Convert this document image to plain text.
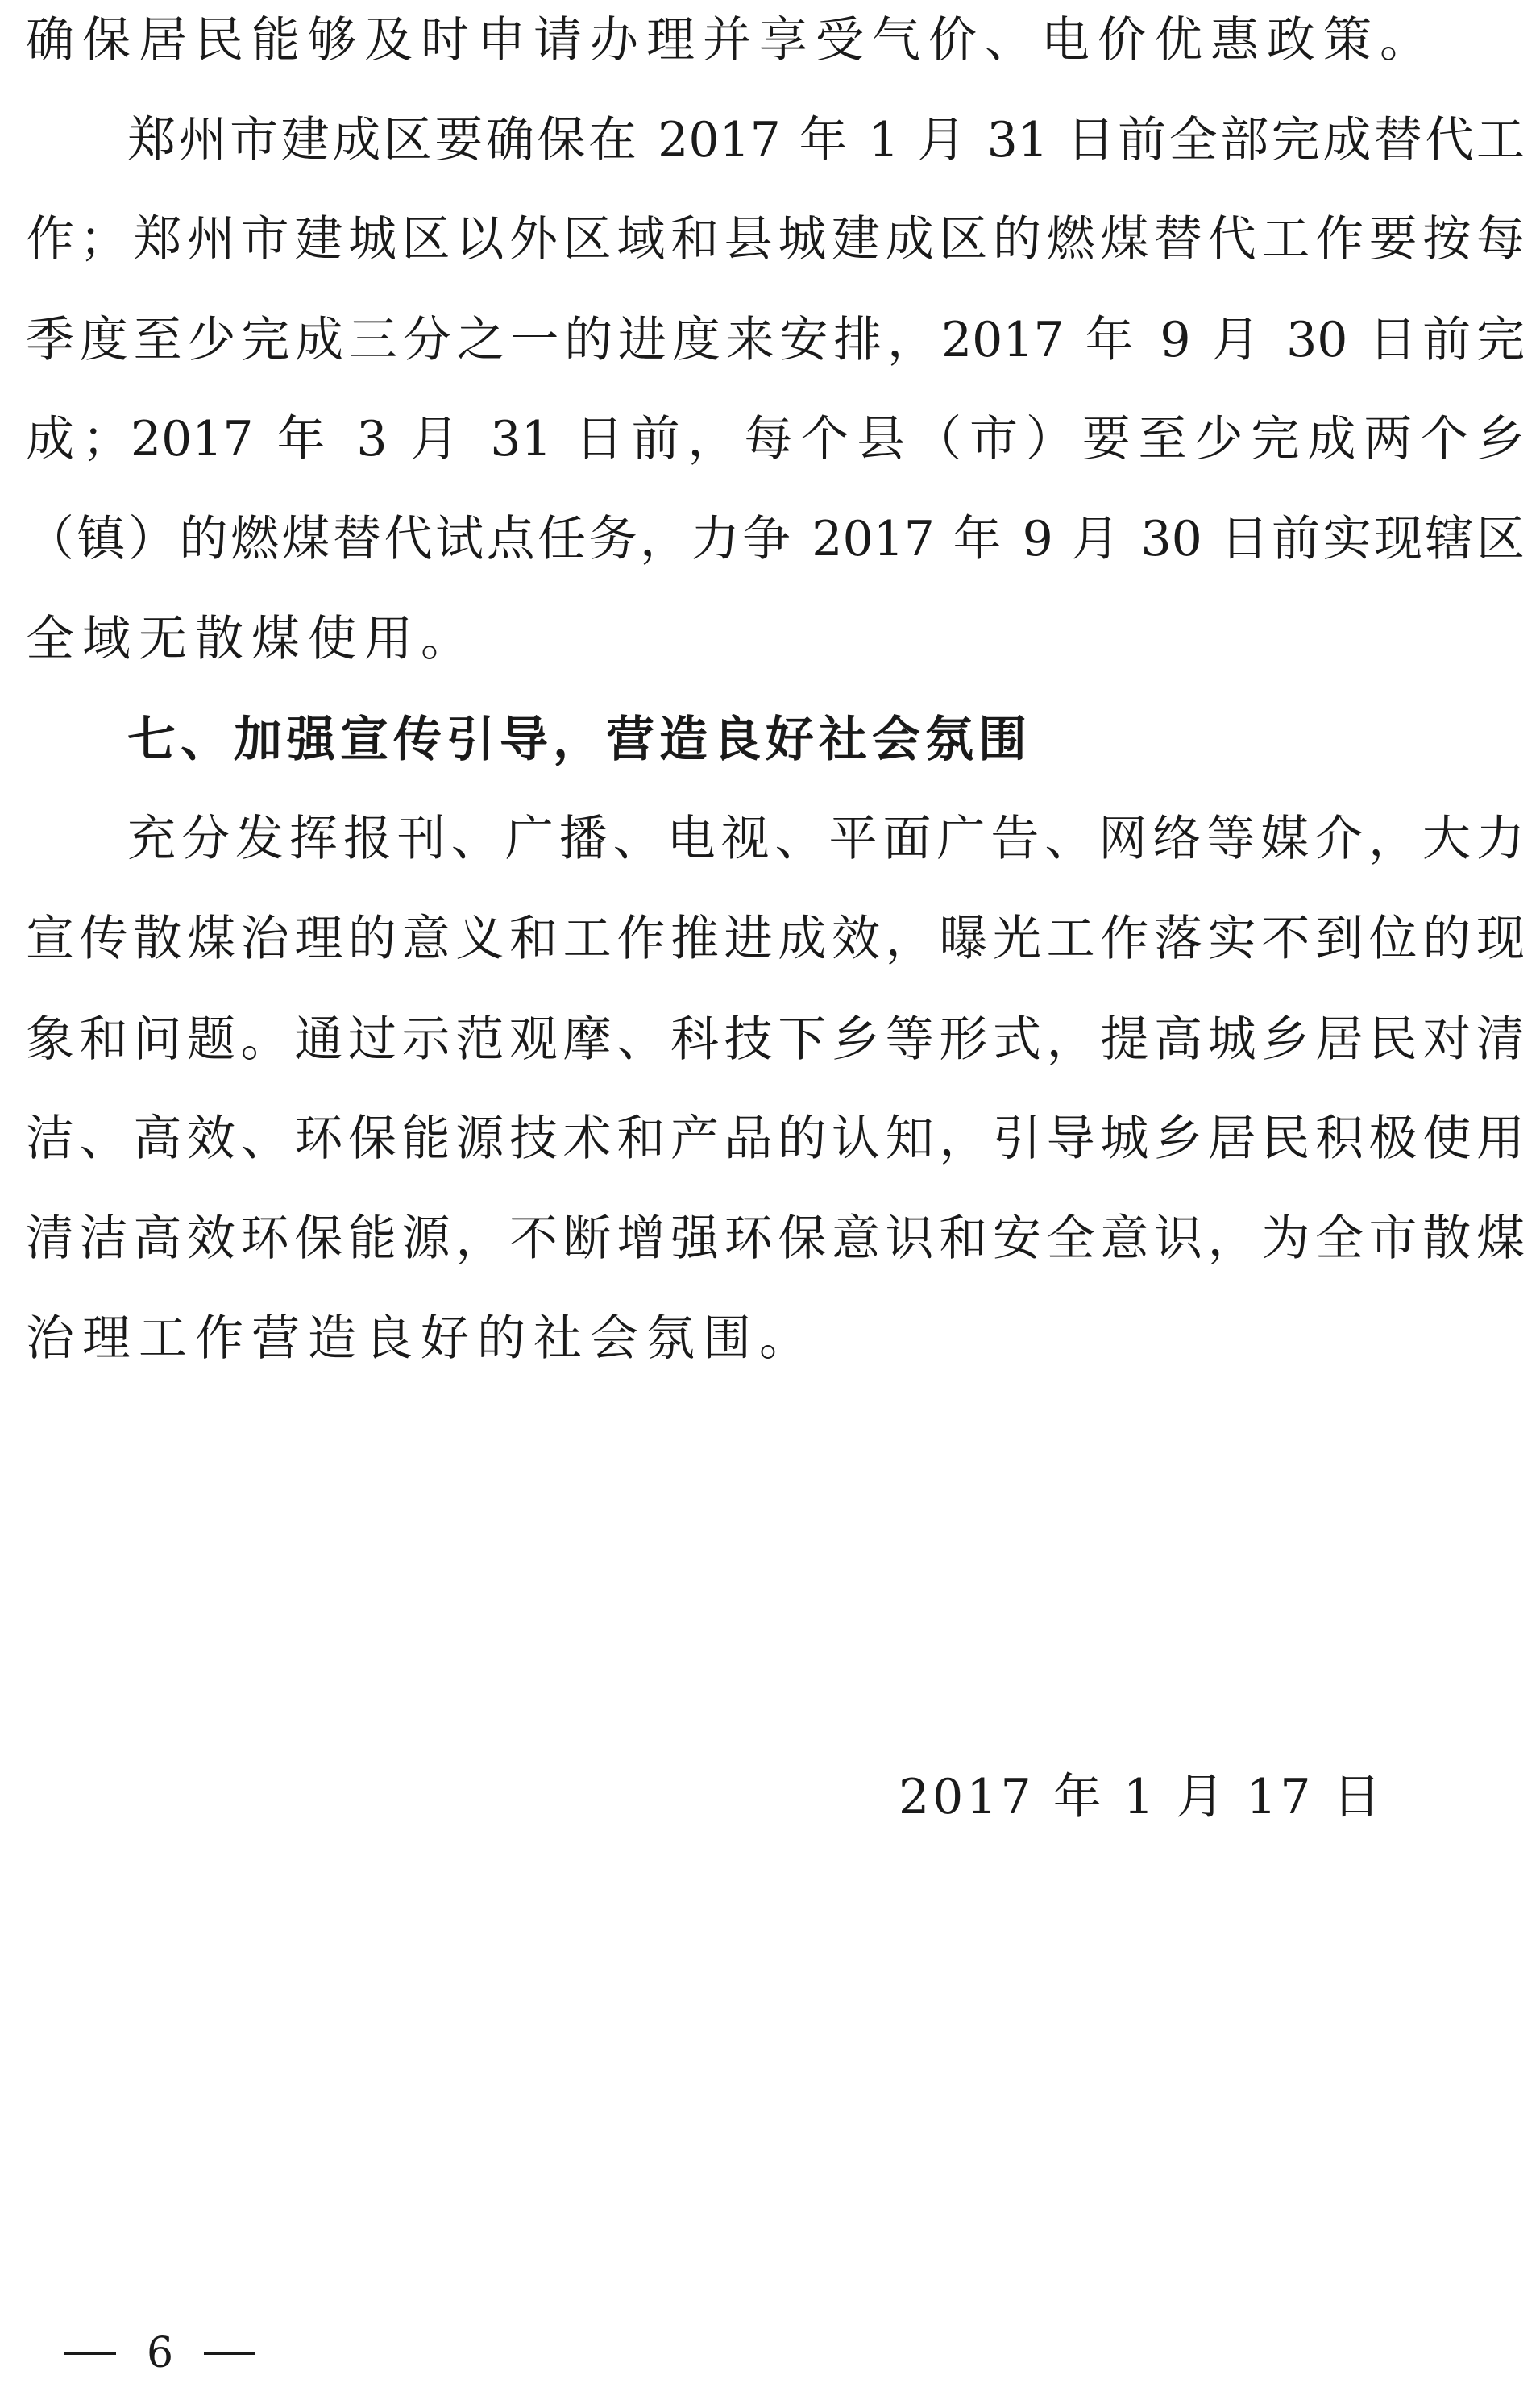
确保居民能够及时申请办理并享受气价、电价优惠政策。
郑州市建成区要确保在 2017 年 1 月 31 日前全部完成替代工
作；郑州市建城区以外区域和县城建成区的燃煤替代工作要按每
季度至少完成三分之一的进度来安排，2017 年 9 月 30 日前完
成；2017 年 3 月 31 日前，每个县（市）要至少完成两个乡
（镇）的燃煤替代试点任务，力争 2017 年 9 月 30 日前实现辖区
全域无散煤使用。
七、加强宣传引导，营造良好社会氛围
充分发挥报刊、广播、电视、平面广告、网络等媒介，大力
宣传散煤治理的意义和工作推进成效，曝光工作落实不到位的现
象和问题。通过示范观摩、科技下乡等形式，提高城乡居民对清
洁、高效、环保能源技术和产品的认知，引导城乡居民积极使用
清洁高效环保能源，不断增强环保意识和安全意识，为全市散煤
治理工作营造良好的社会氛围。
2017 年 1 月 17 日
6
